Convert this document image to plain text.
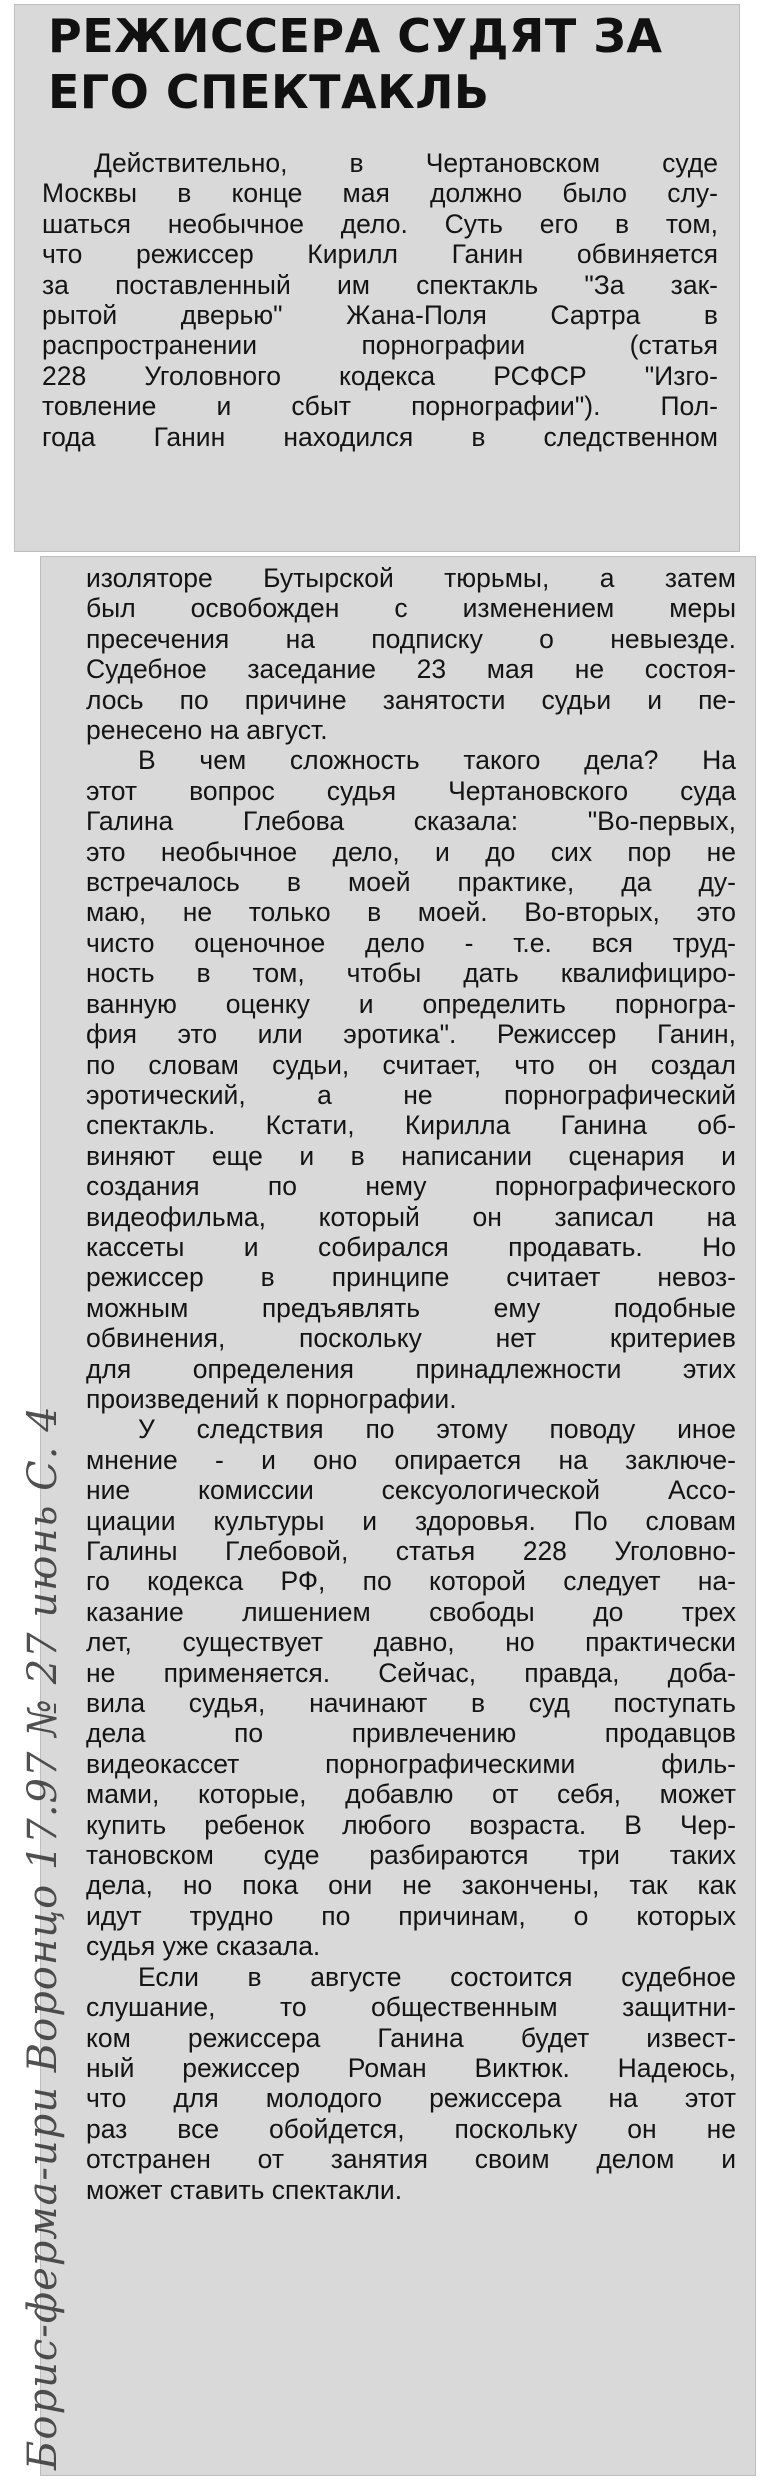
РЕЖИССЕРА СУДЯТ ЗА
ЕГО СПЕКТАКЛЬ
Действительно, в Чертановском суде
Москвы в конце мая должно было слу-
шаться необычное дело. Суть его в том,
что режиссер Кирилл Ганин обвиняется
за поставленный им спектакль "За зак-
рытой дверью" Жана-Поля Сартра в
распространении порнографии (статья
228 Уголовного кодекса РСФСР "Изго-
товление и сбыт порнографии"). Пол-
года Ганин находился в следственном
изоляторе Бутырской тюрьмы, а затем
был освобожден с изменением меры
пресечения на подписку о невыезде.
Судебное заседание 23 мая не состоя-
лось по причине занятости судьи и пе-
ренесено на август.
В чем сложность такого дела? На
этот вопрос судья Чертановского суда
Галина Глебова сказала: "Во-первых,
это необычное дело, и до сих пор не
встречалось в моей практике, да ду-
маю, не только в моей. Во-вторых, это
чисто оценочное дело - т.е. вся труд-
ность в том, чтобы дать квалифициро-
ванную оценку и определить порногра-
фия это или эротика". Режиссер Ганин,
по словам судьи, считает, что он создал
эротический, а не порнографический
спектакль. Кстати, Кирилла Ганина об-
виняют еще и в написании сценария и
создания по нему порнографического
видеофильма, который он записал на
кассеты и собирался продавать. Но
режиссер в принципе считает невоз-
можным предъявлять ему подобные
обвинения, поскольку нет критериев
для определения принадлежности этих
произведений к порнографии.
У следствия по этому поводу иное
мнение - и оно опирается на заключе-
ние комиссии сексуологической Ассо-
циации культуры и здоровья. По словам
Галины Глебовой, статья 228 Уголовно-
го кодекса РФ, по которой следует на-
казание лишением свободы до трех
лет, существует давно, но практически
не применяется. Сейчас, правда, доба-
вила судья, начинают в суд поступать
дела по привлечению продавцов
видеокассет порнографическими филь-
мами, которые, добавлю от себя, может
купить ребенок любого возраста. В Чер-
тановском суде разбираются три таких
дела, но пока они не закончены, так как
идут трудно по причинам, о которых
судья уже сказала.
Если в августе состоится судебное
слушание, то общественным защитни-
ком режиссера Ганина будет извест-
ный режиссер Роман Виктюк. Надеюсь,
что для молодого режиссера на этот
раз все обойдется, поскольку он не
отстранен от занятия своим делом и
может ставить спектакли.
Борис-ферма-ири Воронцо 17.97 № 27 июнь С. 4
